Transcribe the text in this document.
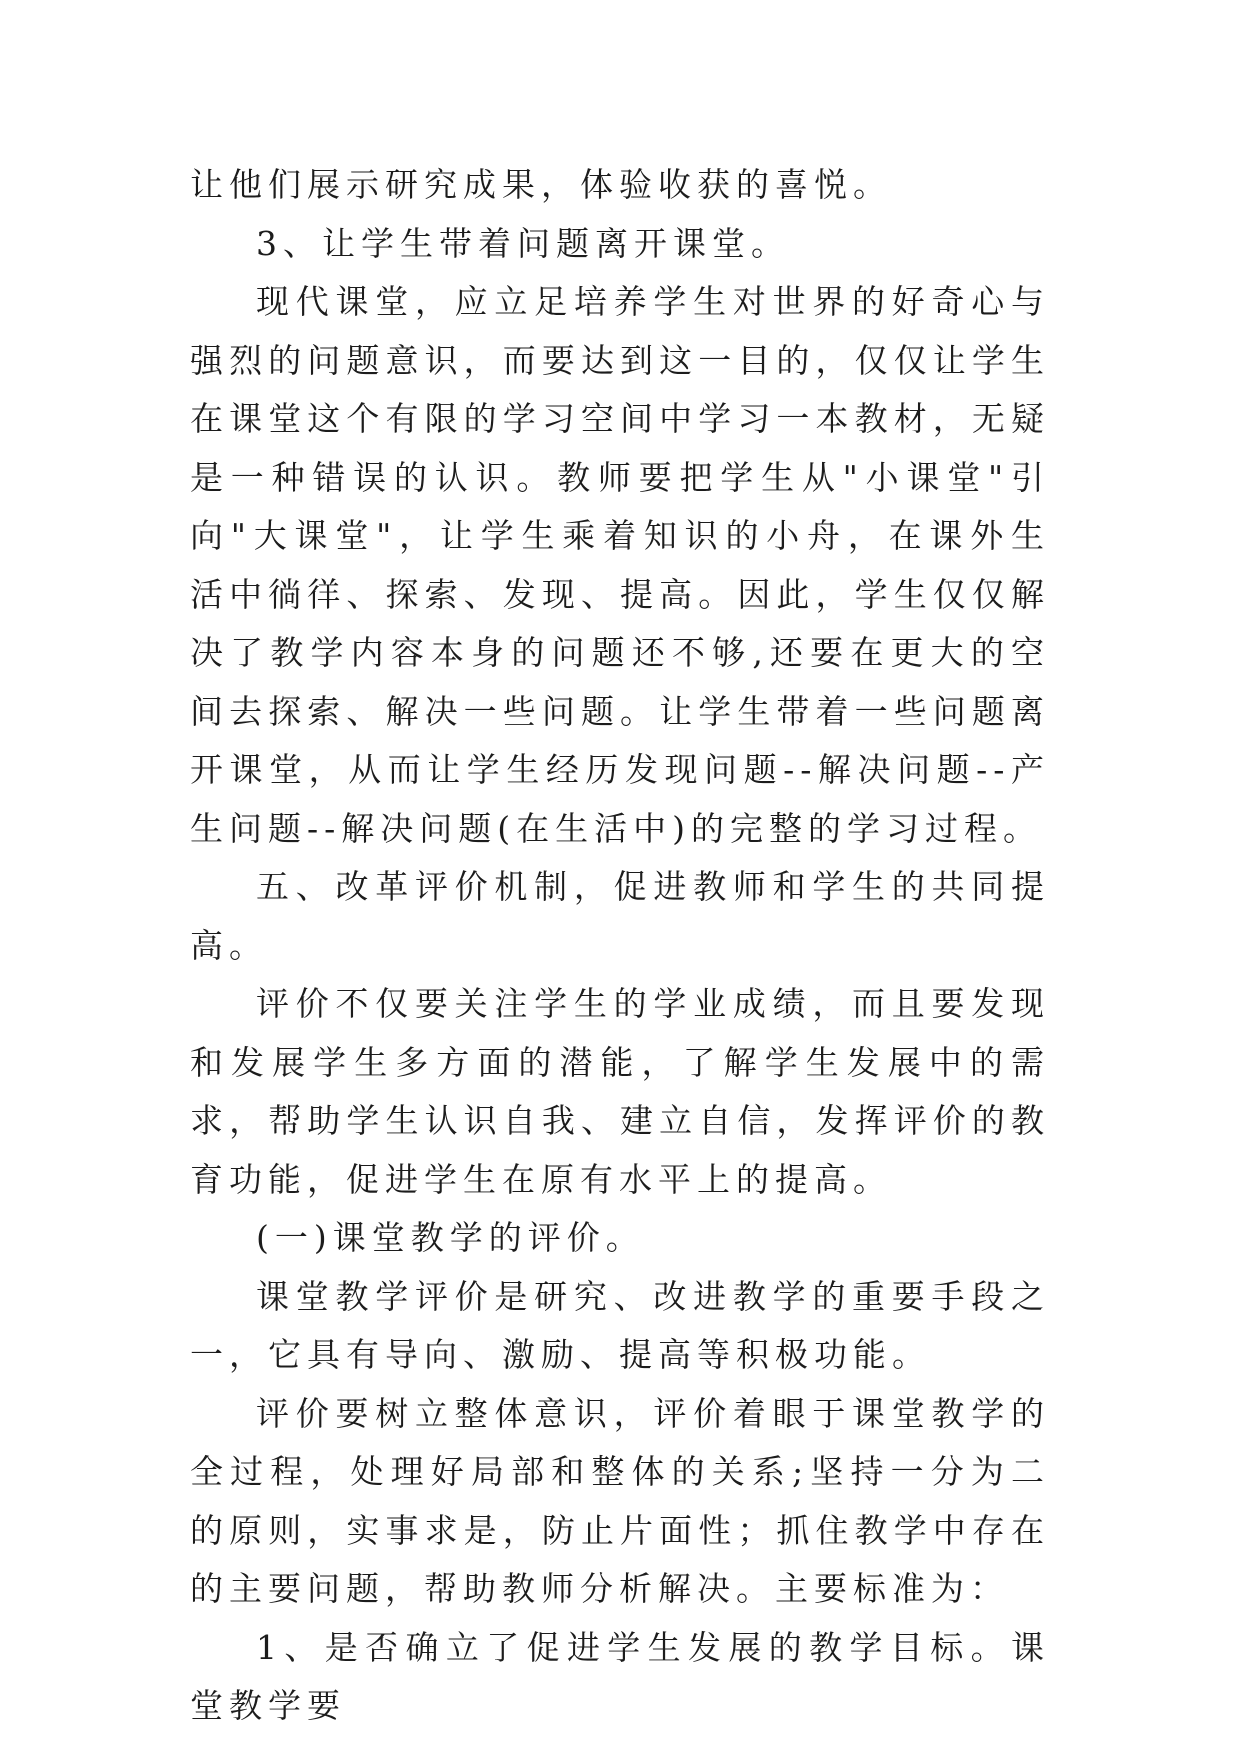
让他们展示研究成果，体验收获的喜悦。

3、让学生带着问题离开课堂。

现代课堂，应立足培养学生对世界的好奇心与强烈的问题意识，而要达到这一目的，仅仅让学生在课堂这个有限的学习空间中学习一本教材，无疑是一种错误的认识。教师要把学生从"小课堂"引向"大课堂"，让学生乘着知识的小舟，在课外生活中徜徉、探索、发现、提高。因此，学生仅仅解决了教学内容本身的问题还不够,还要在更大的空间去探索、解决一些问题。让学生带着一些问题离开课堂，从而让学生经历发现问题--解决问题--产生问题--解决问题(在生活中)的完整的学习过程。

五、改革评价机制，促进教师和学生的共同提高。

评价不仅要关注学生的学业成绩，而且要发现和发展学生多方面的潜能，了解学生发展中的需求，帮助学生认识自我、建立自信，发挥评价的教育功能，促进学生在原有水平上的提高。

(一)课堂教学的评价。

课堂教学评价是研究、改进教学的重要手段之一，它具有导向、激励、提高等积极功能。

评价要树立整体意识，评价着眼于课堂教学的全过程，处理好局部和整体的关系;坚持一分为二的原则，实事求是，防止片面性；抓住教学中存在的主要问题，帮助教师分析解决。主要标准为：

1、是否确立了促进学生发展的教学目标。课堂教学要
